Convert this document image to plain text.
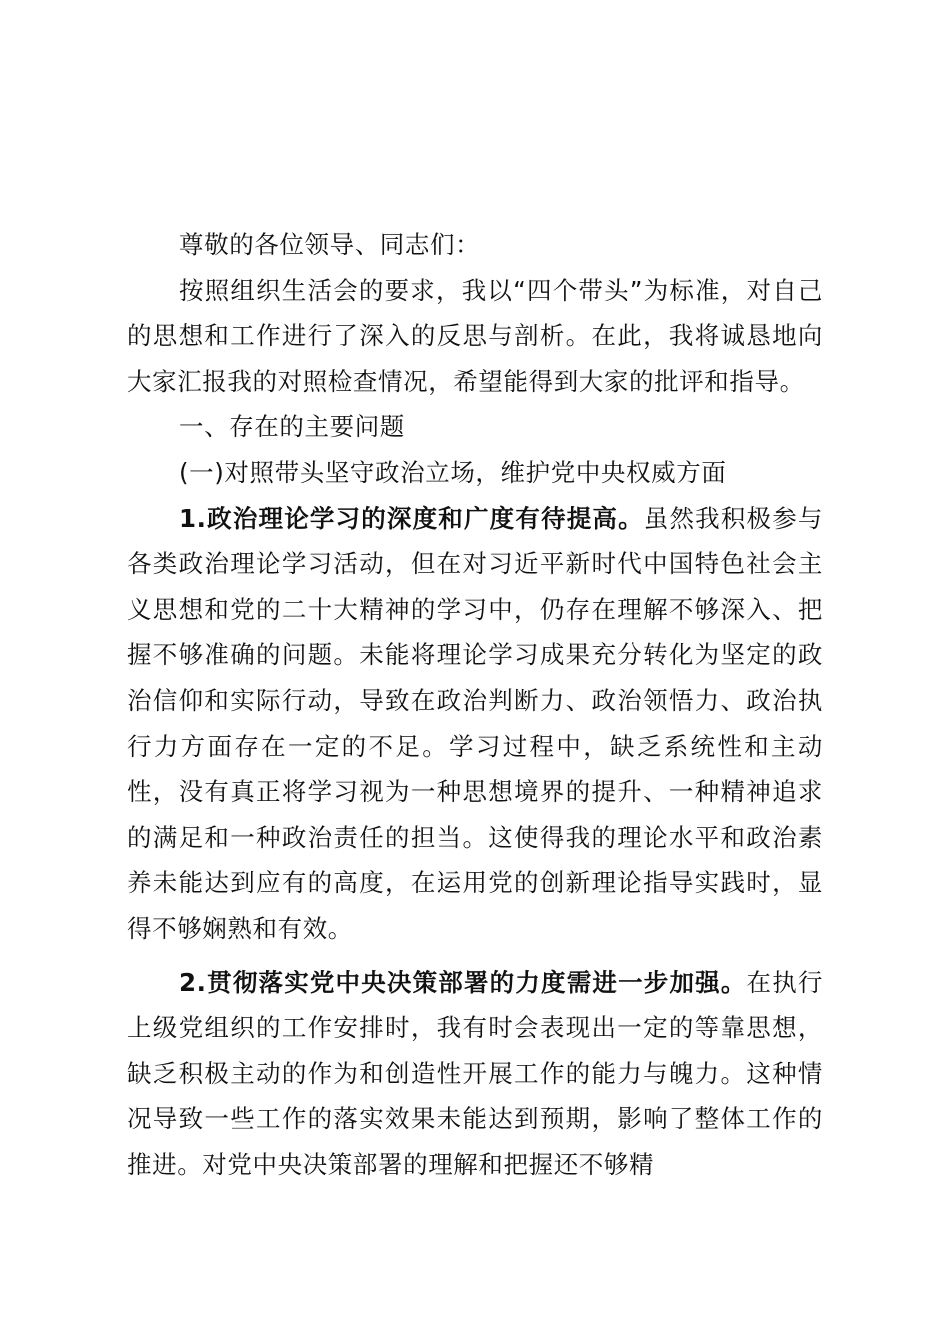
尊敬的各位领导、同志们：

按照组织生活会的要求，我以“四个带头”为标准，对自己的思想和工作进行了深入的反思与剖析。在此，我将诚恳地向大家汇报我的对照检查情况，希望能得到大家的批评和指导。

一、存在的主要问题

(一)对照带头坚守政治立场，维护党中央权威方面

1.政治理论学习的深度和广度有待提高。虽然我积极参与各类政治理论学习活动，但在对习近平新时代中国特色社会主义思想和党的二十大精神的学习中，仍存在理解不够深入、把握不够准确的问题。未能将理论学习成果充分转化为坚定的政治信仰和实际行动，导致在政治判断力、政治领悟力、政治执行力方面存在一定的不足。学习过程中，缺乏系统性和主动性，没有真正将学习视为一种思想境界的提升、一种精神追求的满足和一种政治责任的担当。这使得我的理论水平和政治素养未能达到应有的高度，在运用党的创新理论指导实践时，显得不够娴熟和有效。

2.贯彻落实党中央决策部署的力度需进一步加强。在执行上级党组织的工作安排时，我有时会表现出一定的等靠思想，缺乏积极主动的作为和创造性开展工作的能力与魄力。这种情况导致一些工作的落实效果未能达到预期，影响了整体工作的推进。对党中央决策部署的理解和把握还不够精
